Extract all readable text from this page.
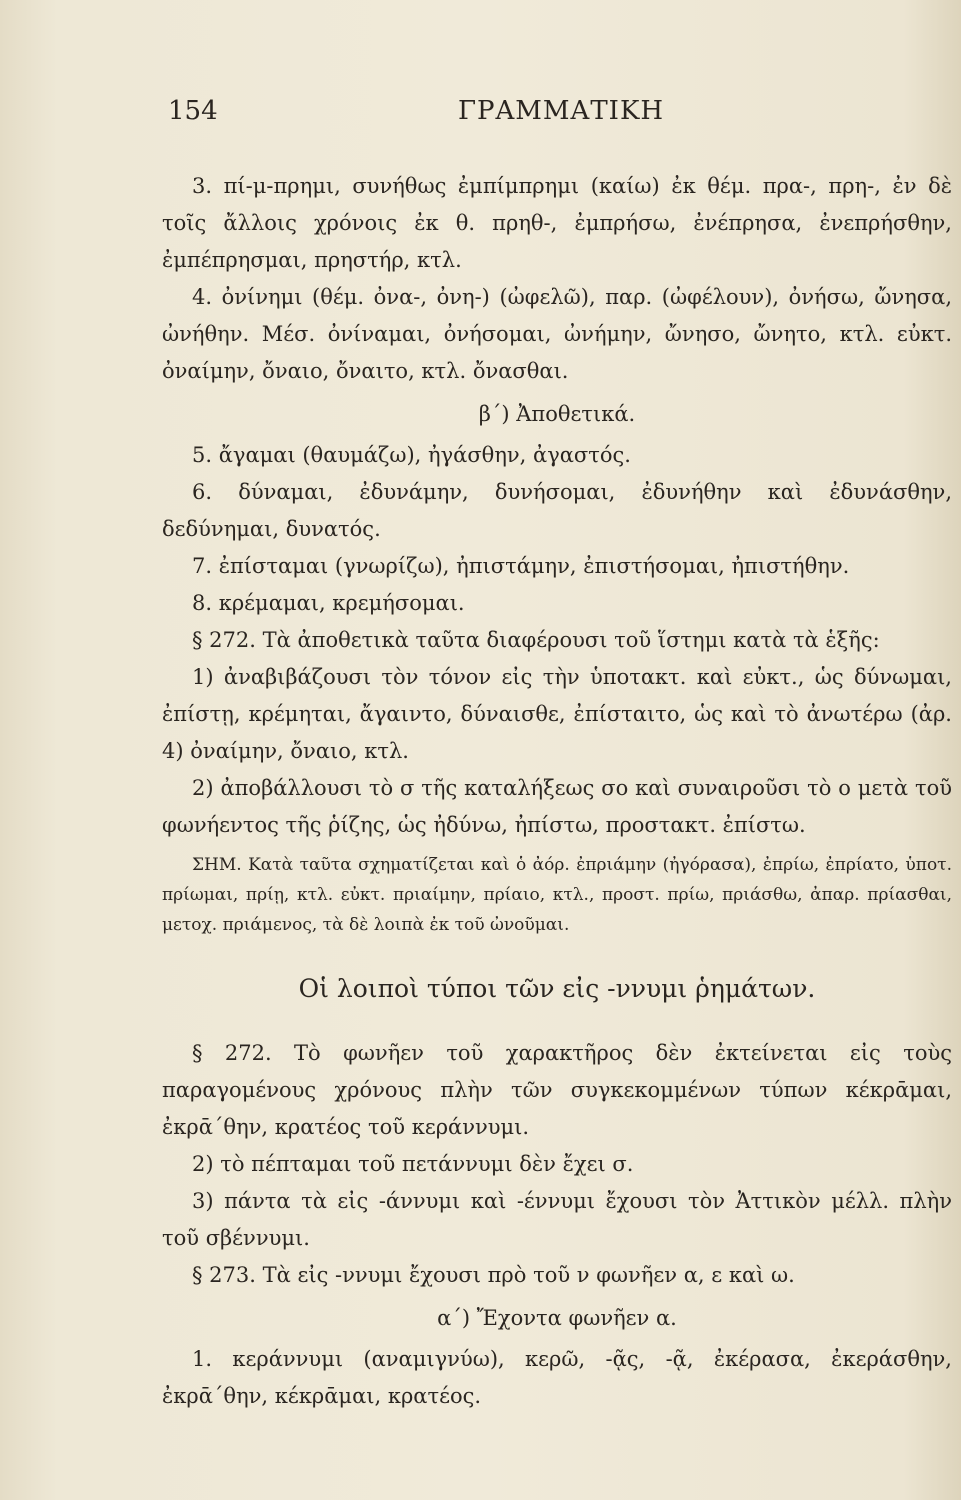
154	ΓΡΑΜΜΑΤΙΚΗ

3. πί-μ-πρημι, συνήθως ἐμπίμπρημι (καίω) ἐκ θέμ. πρα-, πρη-, ἐν δὲ τοῖς ἄλλοις χρόνοις ἐκ θ. πρηθ-, ἐμπρήσω, ἐνέπρησα, ἐνεπρήσθην, ἐμπέπρησμαι, πρηστήρ, κτλ.

4. ὀνίνημι (θέμ. ὀνα-, ὀνη-) (ὠφελῶ), παρ. (ὠφέλουν), ὀνήσω, ὤνησα, ὠνήθην. Μέσ. ὀνίναμαι, ὀνήσομαι, ὠνήμην, ὤνησο, ὤνητο, κτλ. εὐκτ. ὀναίμην, ὄναιο, ὄναιτο, κτλ. ὄνασθαι.

β΄) Ἀποθετικά.

5. ἄγαμαι (θαυμάζω), ἠγάσθην, ἀγαστός.

6. δύναμαι, ἐδυνάμην, δυνήσομαι, ἐδυνήθην καὶ ἐδυνάσθην, δεδύνημαι, δυνατός.

7. ἐπίσταμαι (γνωρίζω), ἠπιστάμην, ἐπιστήσομαι, ἠπιστήθην.

8. κρέμαμαι, κρεμήσομαι.

§ 272. Τὰ ἀποθετικὰ ταῦτα διαφέρουσι τοῦ ἵστημι κατὰ τὰ ἑξῆς:

1) ἀναβιβάζουσι τὸν τόνον εἰς τὴν ὑποτακτ. καὶ εὐκτ., ὡς δύνωμαι, ἐπίστῃ, κρέμηται, ἄγαιντο, δύναισθε, ἐπίσταιτο, ὡς καὶ τὸ ἀνωτέρω (ἀρ. 4) ὀναίμην, ὄναιο, κτλ.

2) ἀποβάλλουσι τὸ σ τῆς καταλήξεως σο καὶ συναιροῦσι τὸ ο μετὰ τοῦ φωνήεντος τῆς ῥίζης, ὡς ἠδύνω, ἠπίστω, προστακτ. ἐπίστω.

ΣΗΜ. Κατὰ ταῦτα σχηματίζεται καὶ ὁ ἀόρ. ἐπριάμην (ἠγόρασα), ἐπρίω, ἐπρίατο, ὑποτ. πρίωμαι, πρίῃ, κτλ. εὐκτ. πριαίμην, πρίαιο, κτλ., προστ. πρίω, πριάσθω, ἀπαρ. πρίασθαι, μετοχ. πριάμενος, τὰ δὲ λοιπὰ ἐκ τοῦ ὠνοῦμαι.

Οἱ λοιποὶ τύποι τῶν εἰς -ννυμι ῥημάτων.

§ 272. Τὸ φωνῆεν τοῦ χαρακτῆρος δὲν ἐκτείνεται εἰς τοὺς παραγομένους χρόνους πλὴν τῶν συγκεκομμένων τύπων κέκρᾱμαι, ἐκρᾱ΄θην, κρατέος τοῦ κεράννυμι.

2) τὸ πέπταμαι τοῦ πετάννυμι δὲν ἔχει σ.

3) πάντα τὰ εἰς -άννυμι καὶ -έννυμι ἔχουσι τὸν Ἀττικὸν μέλλ. πλὴν τοῦ σβέννυμι.

§ 273. Τὰ εἰς -ννυμι ἔχουσι πρὸ τοῦ ν φωνῆεν α, ε καὶ ω.

α΄) Ἔχοντα φωνῆεν α.

1. κεράννυμι (αναμιγνύω), κερῶ, -ᾷς, -ᾷ, ἐκέρασα, ἐκεράσθην, ἐκρᾱ΄θην, κέκρᾱμαι, κρατέος.
